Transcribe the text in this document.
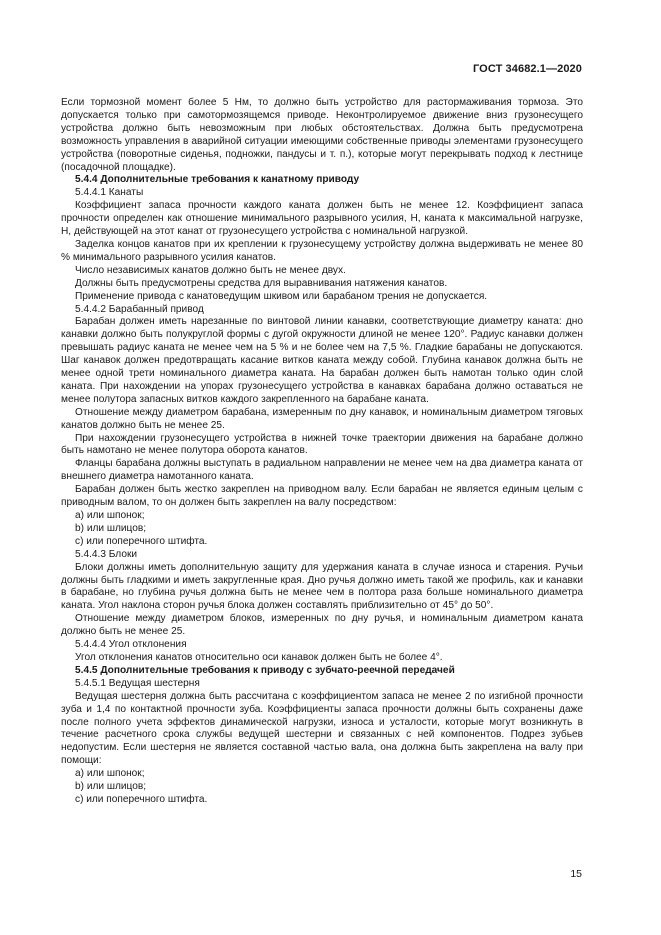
ГОСТ 34682.1—2020

Если тормозной момент более 5 Нм, то должно быть устройство для растормаживания тормоза. Это допускается только при самотормозящемся приводе. Неконтролируемое движение вниз грузонесущего устройства должно быть невозможным при любых обстоятельствах. Должна быть предусмотрена возможность управления в аварийной ситуации имеющими собственные приводы элементами грузонесущего устройства (поворотные сиденья, подножки, пандусы и т. п.), которые могут перекрывать подход к лестнице (посадочной площадке).

5.4.4 Дополнительные требования к канатному приводу

5.4.4.1 Канаты

Коэффициент запаса прочности каждого каната должен быть не менее 12. Коэффициент запаса прочности определен как отношение минимального разрывного усилия, Н, каната к максимальной нагрузке, Н, действующей на этот канат от грузонесущего устройства с номинальной нагрузкой.

Заделка концов канатов при их креплении к грузонесущему устройству должна выдерживать не менее 80 % минимального разрывного усилия канатов.

Число независимых канатов должно быть не менее двух.

Должны быть предусмотрены средства для выравнивания натяжения канатов.

Применение привода с канатоведущим шкивом или барабаном трения не допускается.

5.4.4.2 Барабанный привод

Барабан должен иметь нарезанные по винтовой линии канавки, соответствующие диаметру каната: дно канавки должно быть полукруглой формы с дугой окружности длиной не менее 120°. Радиус канавки должен превышать радиус каната не менее чем на 5 % и не более чем на 7,5 %. Гладкие барабаны не допускаются. Шаг канавок должен предотвращать касание витков каната между собой. Глубина канавок должна быть не менее одной трети номинального диаметра каната. На барабан должен быть намотан только один слой каната. При нахождении на упорах грузонесущего устройства в канавках барабана должно оставаться не менее полутора запасных витков каждого закрепленного на барабане каната.

Отношение между диаметром барабана, измеренным по дну канавок, и номинальным диаметром тяговых канатов должно быть не менее 25.

При нахождении грузонесущего устройства в нижней точке траектории движения на барабане должно быть намотано не менее полутора оборота канатов.

Фланцы барабана должны выступать в радиальном направлении не менее чем на два диаметра каната от внешнего диаметра намотанного каната.

Барабан должен быть жестко закреплен на приводном валу. Если барабан не является единым целым с приводным валом, то он должен быть закреплен на валу посредством:

a) или шпонок;

b) или шлицов;

c) или поперечного штифта.

5.4.4.3 Блоки

Блоки должны иметь дополнительную защиту для удержания каната в случае износа и старения. Ручьи должны быть гладкими и иметь закругленные края. Дно ручья должно иметь такой же профиль, как и канавки в барабане, но глубина ручья должна быть не менее чем в полтора раза больше номинального диаметра каната. Угол наклона сторон ручья блока должен составлять приблизительно от 45° до 50°.

Отношение между диаметром блоков, измеренных по дну ручья, и номинальным диаметром каната должно быть не менее 25.

5.4.4.4 Угол отклонения

Угол отклонения канатов относительно оси канавок должен быть не более 4°.

5.4.5 Дополнительные требования к приводу с зубчато-реечной передачей

5.4.5.1 Ведущая шестерня

Ведущая шестерня должна быть рассчитана с коэффициентом запаса не менее 2 по изгибной прочности зуба и 1,4 по контактной прочности зуба. Коэффициенты запаса прочности должны быть сохранены даже после полного учета эффектов динамической нагрузки, износа и усталости, которые могут возникнуть в течение расчетного срока службы ведущей шестерни и связанных с ней компонентов. Подрез зубьев недопустим. Если шестерня не является составной частью вала, она должна быть закреплена на валу при помощи:

a) или шпонок;

b) или шлицов;

c) или поперечного штифта.

15
